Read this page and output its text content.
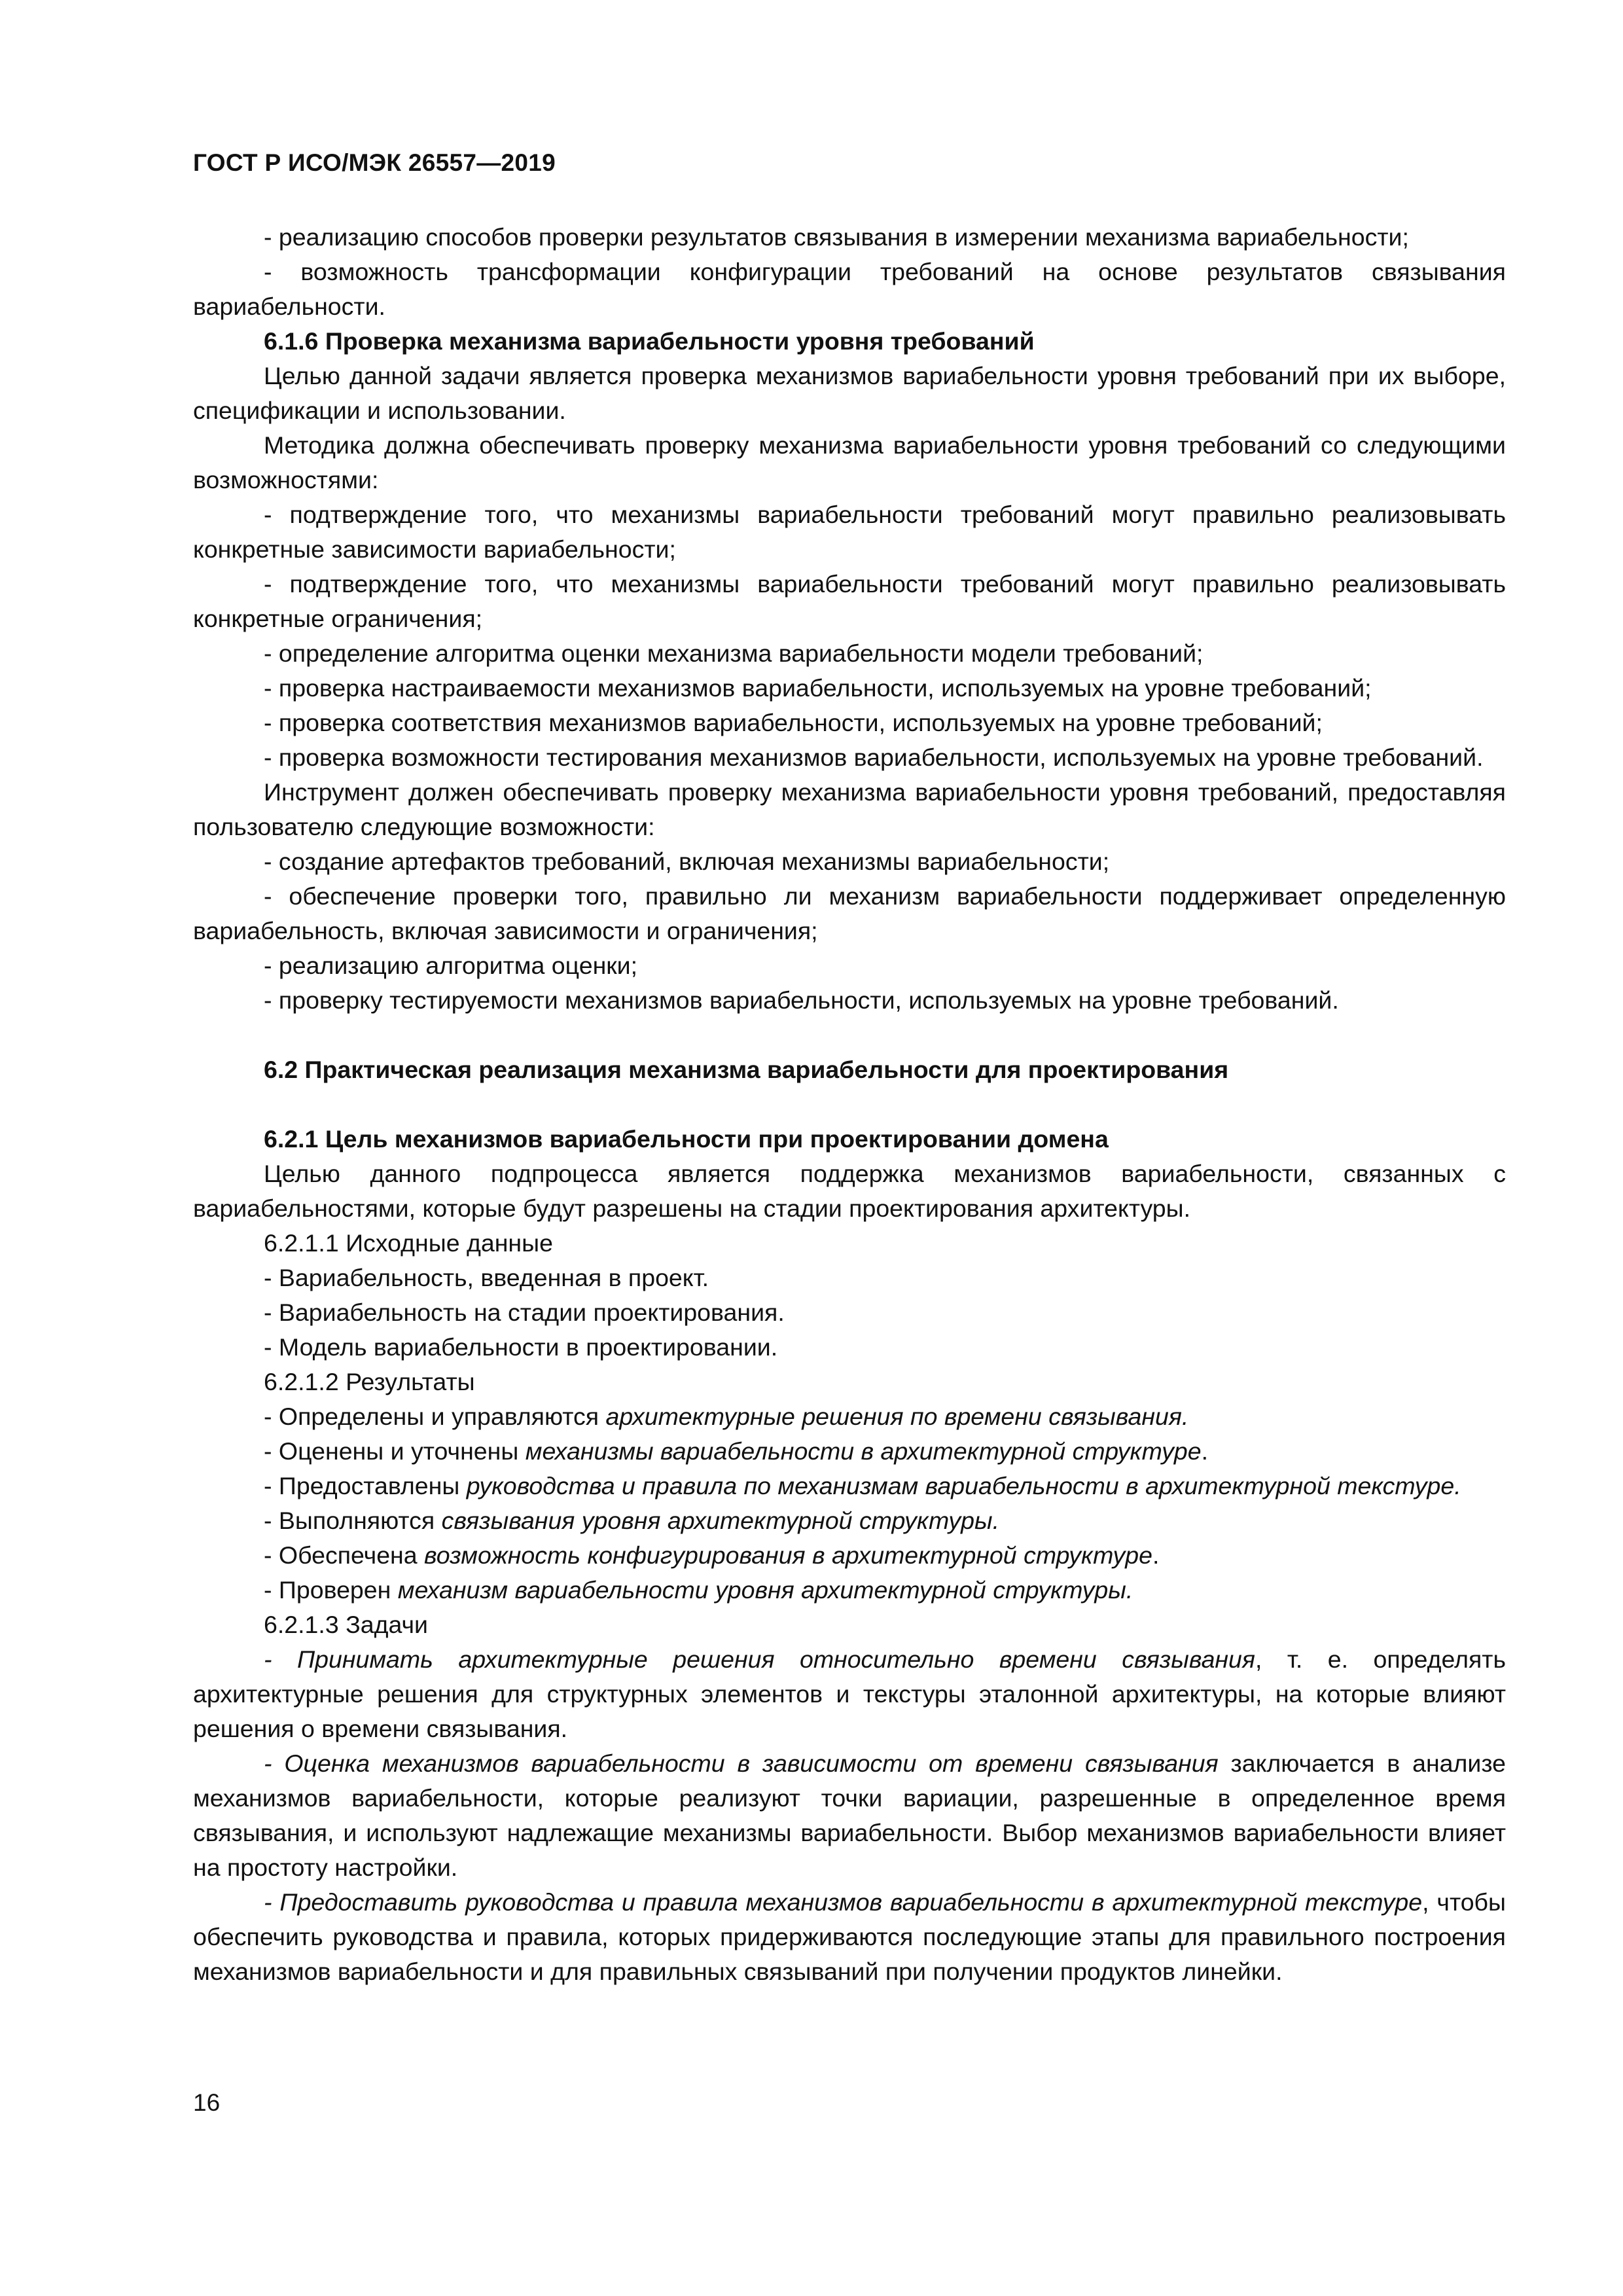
ГОСТ Р ИСО/МЭК 26557—2019

- реализацию способов проверки результатов связывания в измерении механизма вариабельности;

- возможность трансформации конфигурации требований на основе результатов связывания вариабельности.

6.1.6 Проверка механизма вариабельности уровня требований

Целью данной задачи является проверка механизмов вариабельности уровня требований при их выборе, спецификации и использовании.

Методика должна обеспечивать проверку механизма вариабельности уровня требований со следующими возможностями:

- подтверждение того, что механизмы вариабельности требований могут правильно реализовывать конкретные зависимости вариабельности;

- подтверждение того, что механизмы вариабельности требований могут правильно реализовывать конкретные ограничения;

- определение алгоритма оценки механизма вариабельности модели требований;

- проверка настраиваемости механизмов вариабельности, используемых на уровне требований;

- проверка соответствия механизмов вариабельности, используемых на уровне требований;

- проверка возможности тестирования механизмов вариабельности, используемых на уровне требований.

Инструмент должен обеспечивать проверку механизма вариабельности уровня требований, предоставляя пользователю следующие возможности:

- создание артефактов требований, включая механизмы вариабельности;

- обеспечение проверки того, правильно ли механизм вариабельности поддерживает определенную вариабельность, включая зависимости и ограничения;

- реализацию алгоритма оценки;

- проверку тестируемости механизмов вариабельности, используемых на уровне требований.

6.2 Практическая реализация механизма вариабельности для проектирования

6.2.1 Цель механизмов вариабельности при проектировании домена

Целью данного подпроцесса является поддержка механизмов вариабельности, связанных с вариабельностями, которые будут разрешены на стадии проектирования архитектуры.

6.2.1.1 Исходные данные

- Вариабельность, введенная в проект.

- Вариабельность на стадии проектирования.

- Модель вариабельности в проектировании.

6.2.1.2 Результаты

- Определены и управляются архитектурные решения по времени связывания.

- Оценены и уточнены механизмы вариабельности в архитектурной структуре.

- Предоставлены руководства и правила по механизмам вариабельности в архитектурной текстуре.

- Выполняются связывания уровня архитектурной структуры.

- Обеспечена возможность конфигурирования в архитектурной структуре.

- Проверен механизм вариабельности уровня архитектурной структуры.

6.2.1.3 Задачи

- Принимать архитектурные решения относительно времени связывания, т. е. определять архитектурные решения для структурных элементов и текстуры эталонной архитектуры, на которые влияют решения о времени связывания.

- Оценка механизмов вариабельности в зависимости от времени связывания заключается в анализе механизмов вариабельности, которые реализуют точки вариации, разрешенные в определенное время связывания, и используют надлежащие механизмы вариабельности. Выбор механизмов вариабельности влияет на простоту настройки.

- Предоставить руководства и правила механизмов вариабельности в архитектурной текстуре, чтобы обеспечить руководства и правила, которых придерживаются последующие этапы для правильного построения механизмов вариабельности и для правильных связываний при получении продуктов линейки.

16
